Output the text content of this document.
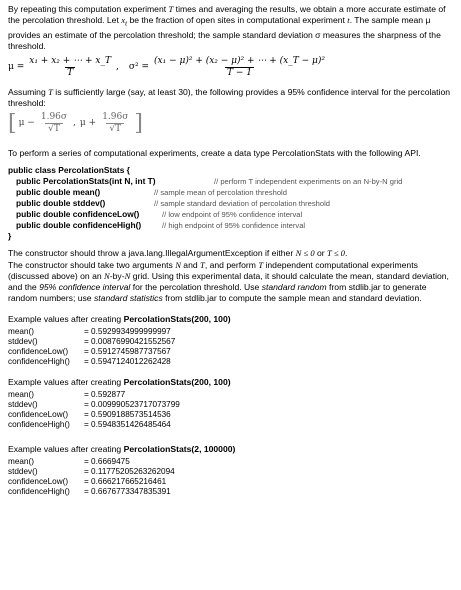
By repeating this computation experiment T times and averaging the results, we obtain a more accurate estimate of the percolation threshold. Let $x_t$ be the fraction of open sites in computational experiment t. The sample mean μ provides an estimate of the percolation threshold; the sample standard deviation σ measures the sharpness of the threshold.

$\mu = \frac{\text{x₁ + x₂ + ⋯ + x\_T}}{T}$ , $\sigma^2 = \frac{\text{(x₁ − μ)² + (x₂ − μ)² + ⋯ + (x\_T − μ)²}}{T - 1}$

Assuming T is sufficiently large (say, at least 30), the following provides a 95% confidence interval for the percolation threshold:

[ $\mu - \frac{1.96\sigma}{√T}$ , $\mu + \frac{1.96\sigma}{√T}$ ]

To perform a series of computational experiments, create a data type PercolationStats with the following API.

public class PercolationStats {
public PercolationStats(int N, int T)	// perform T independent experiments on an N-by-N grid
public double mean()	// sample mean of percolation threshold
public double stddev()	// sample standard deviation of percolation threshold
public double confidenceLow()	// low endpoint of 95% confidence interval
public double confidenceHigh()	// high endpoint of 95% confidence interval
}

The constructor should throw a java.lang.IllegalArgumentException if either N ≤ 0 or T ≤ 0.

The constructor should take two arguments N and T, and perform T independent computational experiments (discussed above) on an N-by-N grid. Using this experimental data, it should calculate the mean, standard deviation, and the 95% confidence interval for the percolation threshold. Use standard random from stdlib.jar to generate random numbers; use standard statistics from stdlib.jar to compute the sample mean and standard deviation.

Example values after creating PercolationStats(200, 100)
mean()	= 0.5929934999999997
stddev()	= 0.00876990421552567
confidenceLow()	= 0.5912745987737567
confidenceHigh()	= 0.5947124012262428
Example values after creating PercolationStats(200, 100)
mean()	= 0.592877
stddev()	= 0.009990523717073799
confidenceLow()	= 0.5909188573514536
confidenceHigh()	= 0.5948351426485464
Example values after creating PercolationStats(2, 100000)
mean()	= 0.6669475
stddev()	= 0.11775205263262094
confidenceLow()	= 0.666217665216461
confidenceHigh()	= 0.6676773347835391
